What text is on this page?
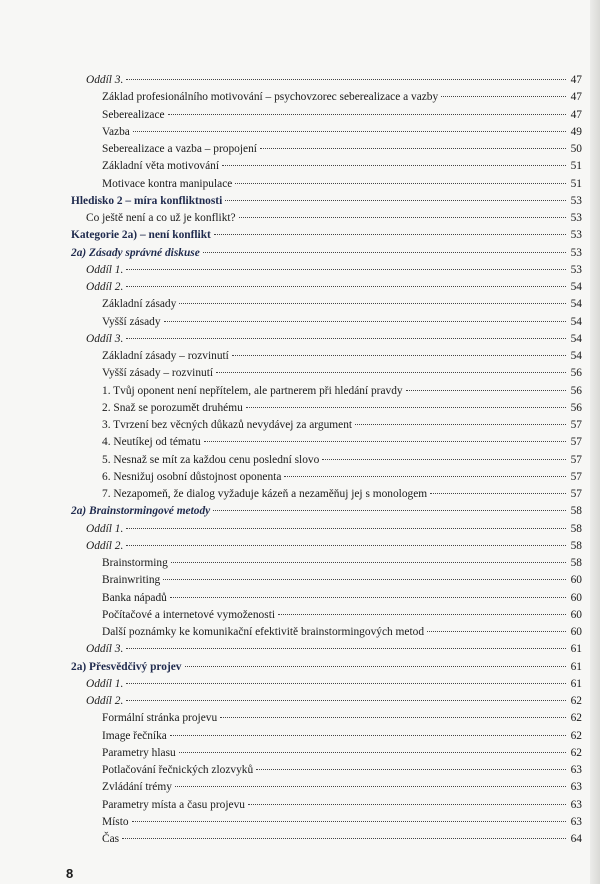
Oddíl 3.	47
Základ profesionálního motivování – psychovzorec seberealizace a vazby	47
Seberealizace	47
Vazba	49
Seberealizace a vazba – propojení	50
Základní věta motivování	51
Motivace kontra manipulace	51
Hledisko 2 – míra konfliktnosti	53
Co ještě není a co už je konflikt?	53
Kategorie 2a) – není konflikt	53
2a) Zásady správné diskuse	53
Oddíl 1.	53
Oddíl 2.	54
Základní zásady	54
Vyšší zásady	54
Oddíl 3.	54
Základní zásady – rozvinutí	54
Vyšší zásady – rozvinutí	56
1. Tvůj oponent není nepřítelem, ale partnerem při hledání pravdy	56
2. Snaž se porozumět druhému	56
3. Tvrzení bez věcných důkazů nevydávej za argument	57
4. Neutíkej od tématu	57
5. Nesnaž se mít za každou cenu poslední slovo	57
6. Nesnižuj osobní důstojnost oponenta	57
7. Nezapomeň, že dialog vyžaduje kázeň a nezaměňuj jej s monologem	57
2a) Brainstormingové metody	58
Oddíl 1.	58
Oddíl 2.	58
Brainstorming	58
Brainwriting	60
Banka nápadů	60
Počítačové a internetové vymoženosti	60
Další poznámky ke komunikační efektivitě brainstormingových metod	60
Oddíl 3.	61
2a) Přesvědčivý projev	61
Oddíl 1.	61
Oddíl 2.	62
Formální stránka projevu	62
Image řečníka	62
Parametry hlasu	62
Potlačování řečnických zlozvyků	63
Zvládání trémy	63
Parametry místa a času projevu	63
Místo	63
Čas	64
8
